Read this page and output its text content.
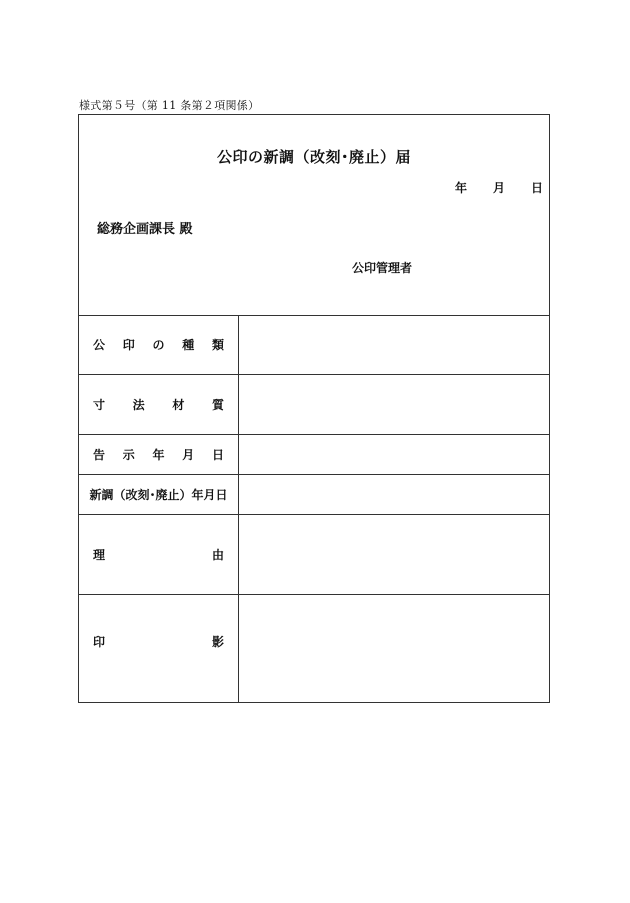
様式第５号（第 11 条第２項関係）
公印の新調（改刻･廃止）届
年 月 日
総務企画課長 殿
公印管理者
公 印 の 種 類
寸 法 材 質
告 示 年 月 日
新調（改刻･廃止）年月日
理	由
印	影
